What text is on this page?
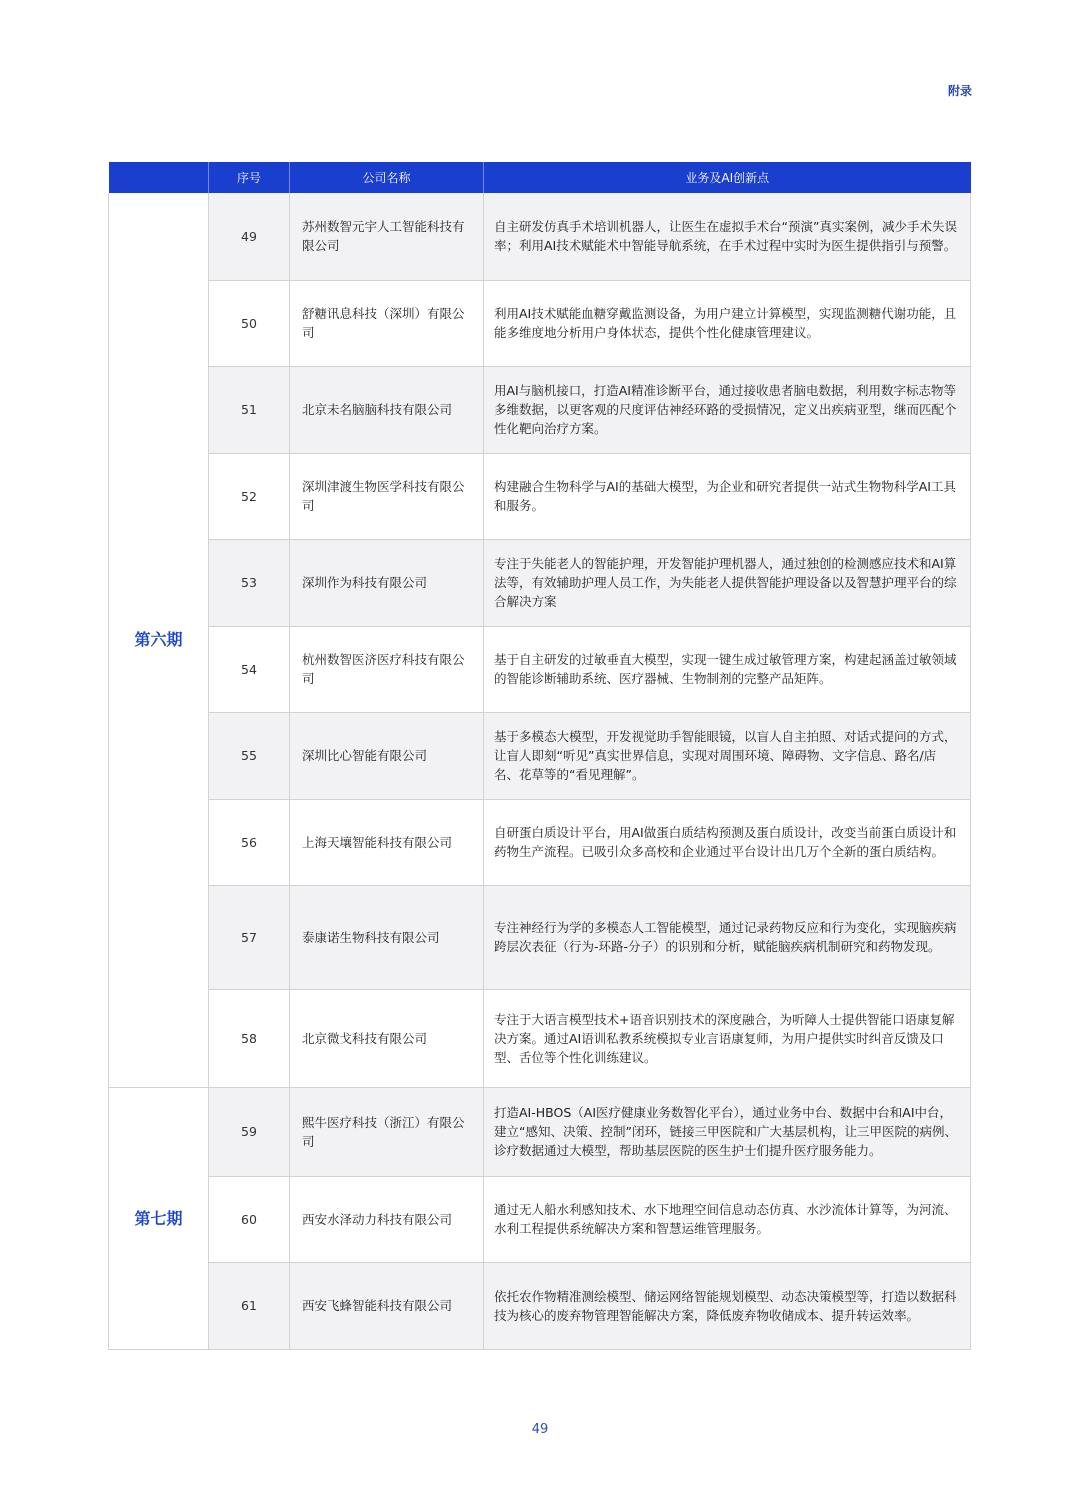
附录
	序号	公司名称	业务及AI创新点
第六期	49	苏州数智元宇人工智能科技有限公司	自主研发仿真手术培训机器人，让医生在虚拟手术台“预演”真实案例，减少手术失误率；利用AI技术赋能术中智能导航系统，在手术过程中实时为医生提供指引与预警。
	50	舒糖讯息科技（深圳）有限公司	利用AI技术赋能血糖穿戴监测设备，为用户建立计算模型，实现监测糖代谢功能，且能多维度地分析用户身体状态，提供个性化健康管理建议。
	51	北京未名脑脑科技有限公司	用AI与脑机接口，打造AI精准诊断平台，通过接收患者脑电数据，利用数字标志物等多维数据，以更客观的尺度评估神经环路的受损情况，定义出疾病亚型，继而匹配个性化靶向治疗方案。
	52	深圳津渡生物医学科技有限公司	构建融合生物科学与AI的基础大模型，为企业和研究者提供一站式生物物科学AI工具和服务。
	53	深圳作为科技有限公司	专注于失能老人的智能护理，开发智能护理机器人，通过独创的检测感应技术和AI算法等，有效辅助护理人员工作，为失能老人提供智能护理设备以及智慧护理平台的综合解决方案
	54	杭州数智医济医疗科技有限公司	基于自主研发的过敏垂直大模型，实现一键生成过敏管理方案，构建起涵盖过敏领域的智能诊断辅助系统、医疗器械、生物制剂的完整产品矩阵。
	55	深圳比心智能有限公司	基于多模态大模型，开发视觉助手智能眼镜，以盲人自主拍照、对话式提问的方式，让盲人即刻“听见”真实世界信息，实现对周围环境、障碍物、文字信息、路名/店名、花草等的“看见理解”。
	56	上海天壤智能科技有限公司	自研蛋白质设计平台，用AI做蛋白质结构预测及蛋白质设计，改变当前蛋白质设计和药物生产流程。已吸引众多高校和企业通过平台设计出几万个全新的蛋白质结构。
	57	泰康诺生物科技有限公司	专注神经行为学的多模态人工智能模型，通过记录药物反应和行为变化，实现脑疾病跨层次表征（行为-环路-分子）的识别和分析，赋能脑疾病机制研究和药物发现。
	58	北京微戈科技有限公司	专注于大语言模型技术+语音识别技术的深度融合，为听障人士提供智能口语康复解决方案。通过AI语训私教系统模拟专业言语康复师，为用户提供实时纠音反馈及口型、舌位等个性化训练建议。
第七期	59	熙牛医疗科技（浙江）有限公司	打造AI-HBOS（AI医疗健康业务数智化平台），通过业务中台、数据中台和AI中台，建立“感知、决策、控制”闭环，链接三甲医院和广大基层机构，让三甲医院的病例、诊疗数据通过大模型，帮助基层医院的医生护士们提升医疗服务能力。
	60	西安水泽动力科技有限公司	通过无人船水利感知技术、水下地理空间信息动态仿真、水沙流体计算等，为河流、水利工程提供系统解决方案和智慧运维管理服务。
	61	西安飞蜂智能科技有限公司	依托农作物精准测绘模型、储运网络智能规划模型、动态决策模型等，打造以数据科技为核心的废弃物管理智能解决方案，降低废弃物收储成本、提升转运效率。
49
